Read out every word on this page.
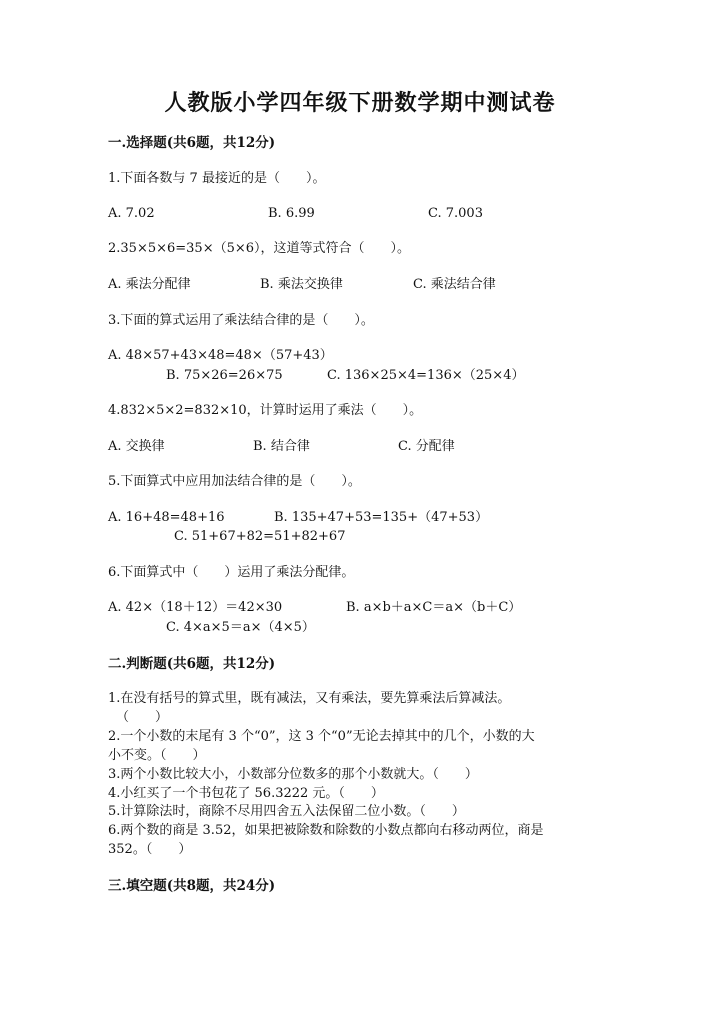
人教版小学四年级下册数学期中测试卷
一.选择题(共6题，共12分)
1.下面各数与 7 最接近的是（　　）。
A. 7.02	B. 6.99	C. 7.003
2.35×5×6=35×（5×6），这道等式符合（　　）。
A. 乘法分配律	B. 乘法交换律	C. 乘法结合律
3.下面的算式运用了乘法结合律的是（　　）。
A. 48×57+43×48=48×（57+43）
B. 75×26=26×75	C. 136×25×4=136×（25×4）
4.832×5×2=832×10，计算时运用了乘法（　　）。
A. 交换律	B. 结合律	C. 分配律
5.下面算式中应用加法结合律的是（　　）。
A. 16+48=48+16	B. 135+47+53=135+（47+53）
C. 51+67+82=51+82+67
6.下面算式中（　　）运用了乘法分配律。
A. 42×（18＋12）＝42×30	B. a×b＋a×C＝a×（b＋C）
C. 4×a×5＝a×（4×5）
二.判断题(共6题，共12分)
1.在没有括号的算式里，既有减法，又有乘法，要先算乘法后算减法。
（　　）
2.一个小数的末尾有 3 个“0”，这 3 个“0”无论去掉其中的几个，小数的大
小不变。（　　）
3.两个小数比较大小，小数部分位数多的那个小数就大。（　　）
4.小红买了一个书包花了 56.3222 元。（　　）
5.计算除法时，商除不尽用四舍五入法保留二位小数。（　　）
6.两个数的商是 3.52，如果把被除数和除数的小数点都向右移动两位，商是
352。（　　）
三.填空题(共8题，共24分)
